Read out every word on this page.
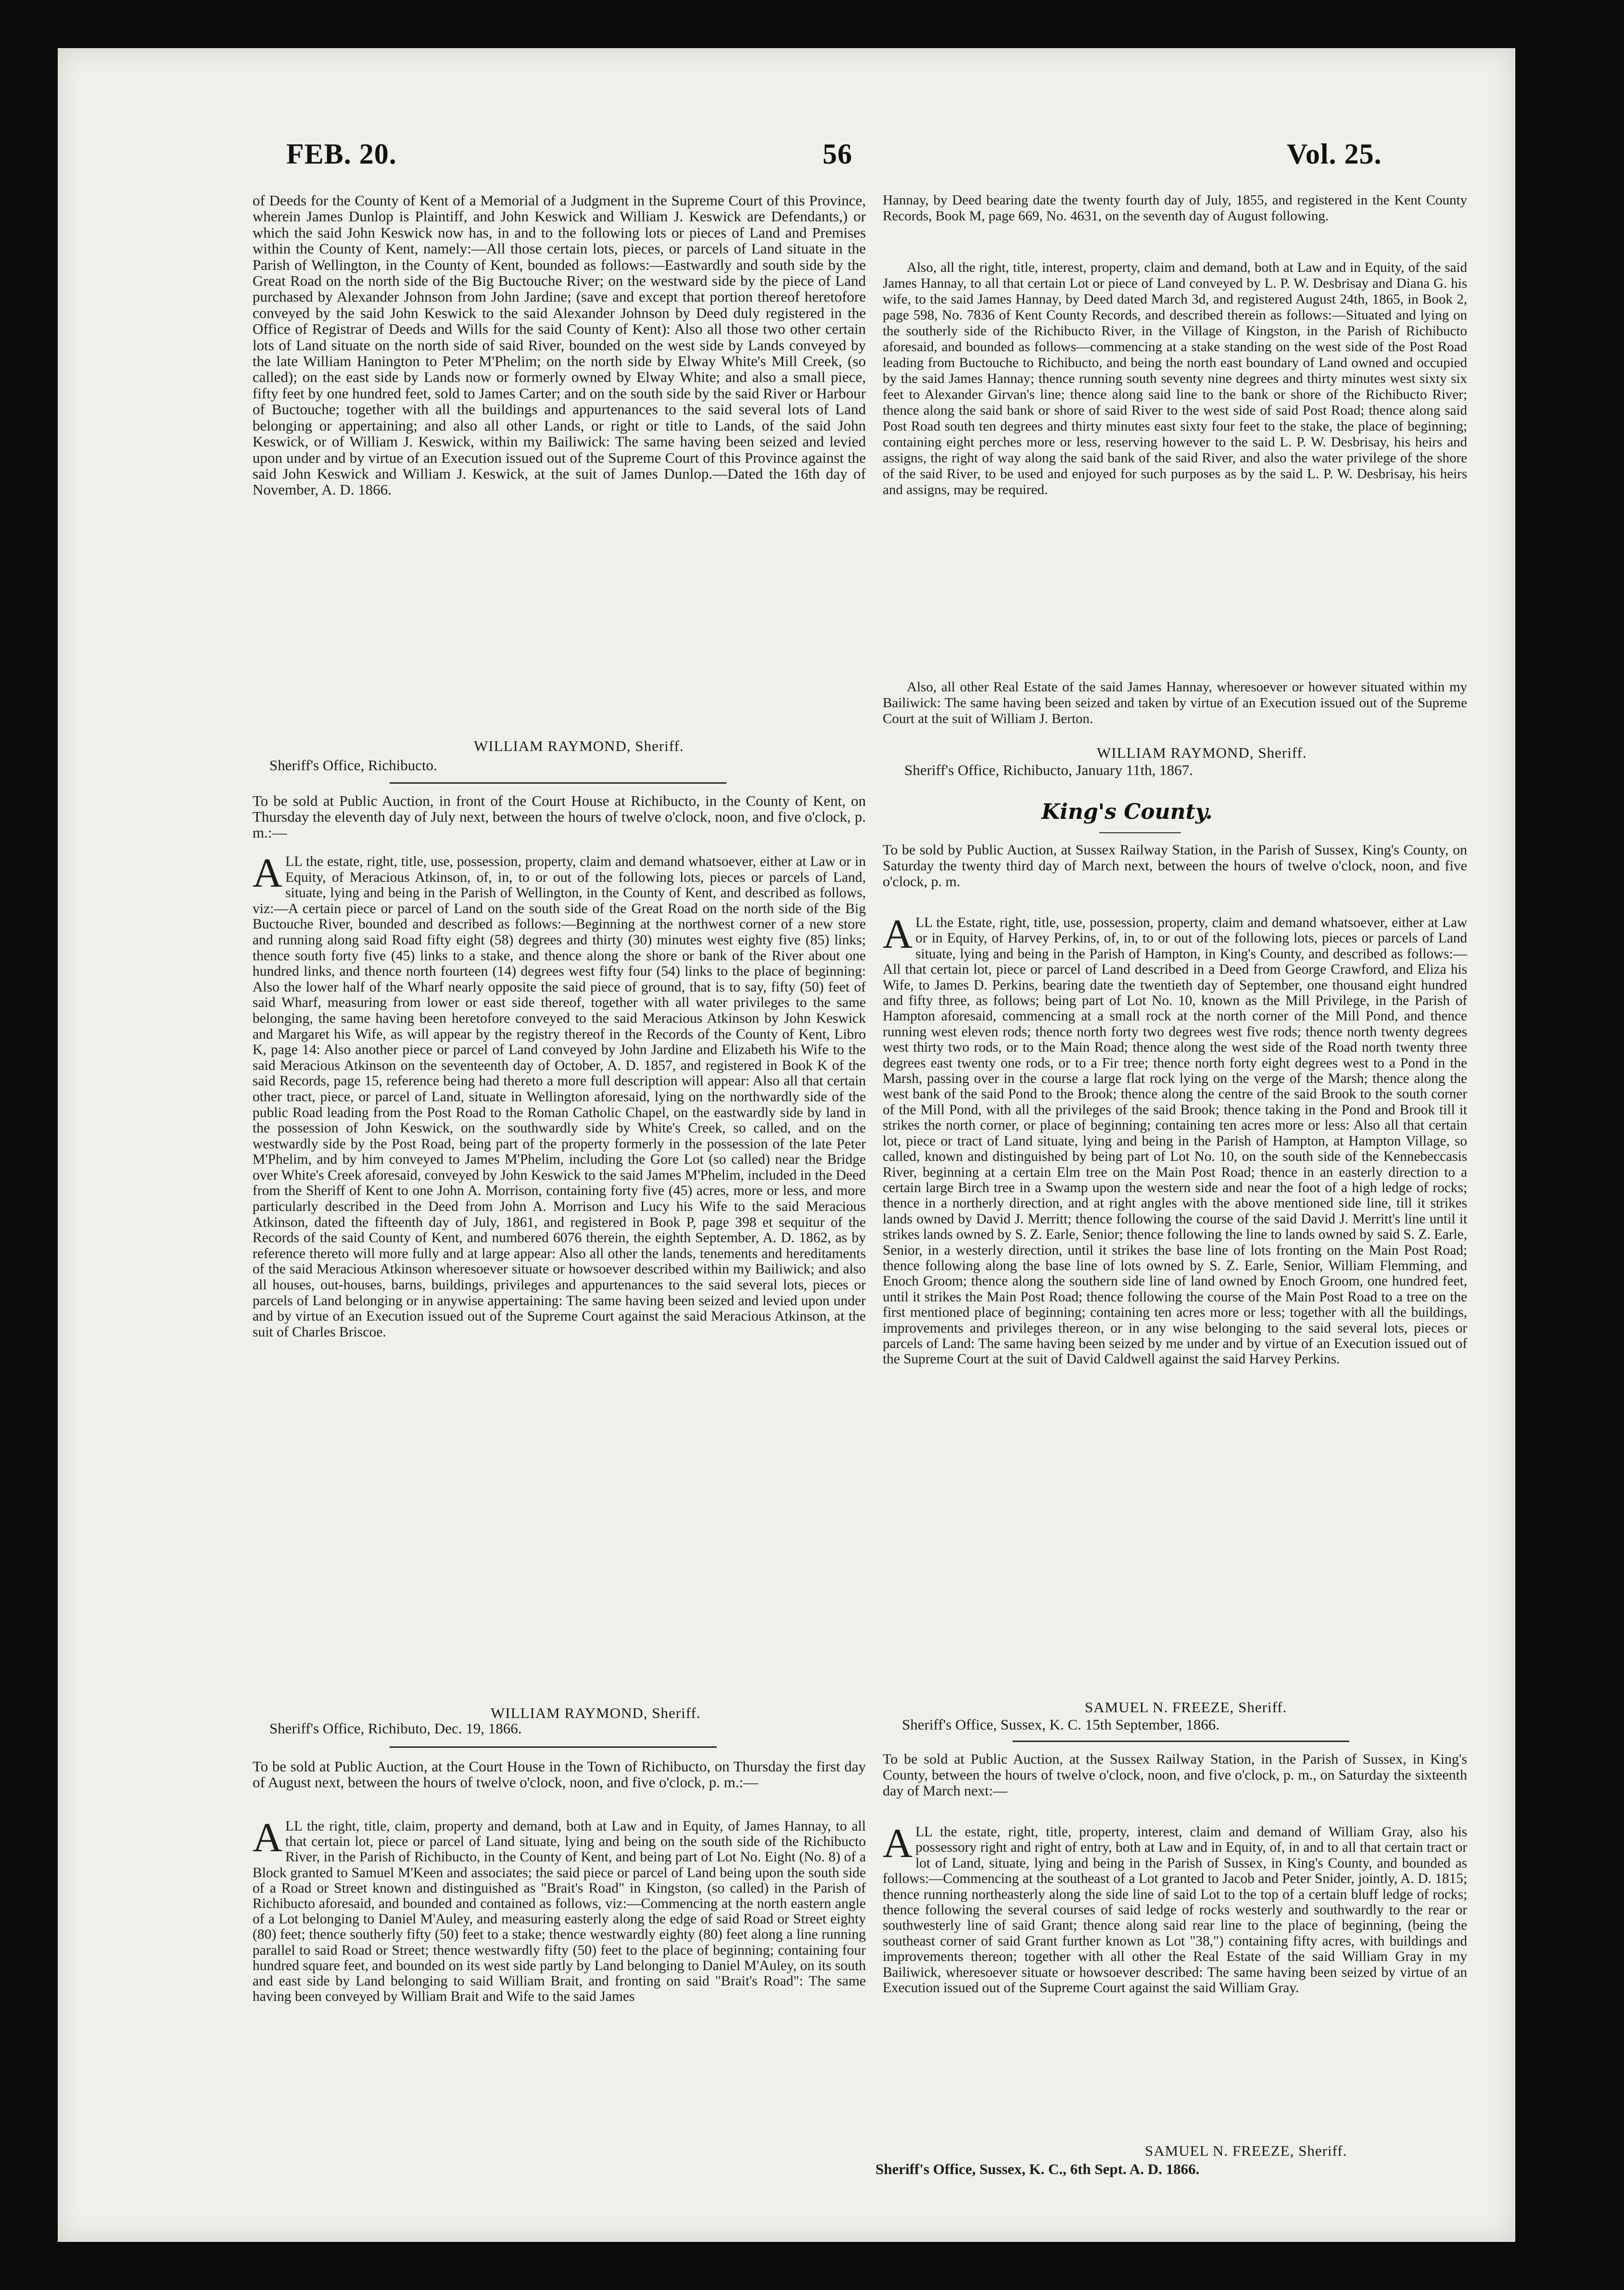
FEB. 20.	56	Vol. 25.

of Deeds for the County of Kent of a Memorial of a Judgment in the Supreme Court of this Province, wherein James Dunlop is Plaintiff, and John Keswick and William J. Keswick are Defendants,) or which the said John Keswick now has, in and to the following lots or pieces of Land and Premises within the County of Kent, namely:—All those certain lots, pieces, or parcels of Land situate in the Parish of Wellington, in the County of Kent, bounded as follows:—Eastwardly and south side by the Great Road on the north side of the Big Buctouche River; on the westward side by the piece of Land purchased by Alexander Johnson from John Jardine; (save and except that portion thereof heretofore conveyed by the said John Keswick to the said Alexander Johnson by Deed duly registered in the Office of Registrar of Deeds and Wills for the said County of Kent): Also all those two other certain lots of Land situate on the north side of said River, bounded on the west side by Lands conveyed by the late William Hanington to Peter M'Phelim; on the north side by Elway White's Mill Creek, (so called); on the east side by Lands now or formerly owned by Elway White; and also a small piece, fifty feet by one hundred feet, sold to James Carter; and on the south side by the said River or Harbour of Buctouche; together with all the buildings and appurtenances to the said several lots of Land belonging or appertaining; and also all other Lands, or right or title to Lands, of the said John Keswick, or of William J. Keswick, within my Bailiwick: The same having been seized and levied upon under and by virtue of an Execution issued out of the Supreme Court of this Province against the said John Keswick and William J. Keswick, at the suit of James Dunlop.—Dated the 16th day of November, A. D. 1866.

WILLIAM RAYMOND, Sheriff.

Sheriff's Office, Richibucto.

To be sold at Public Auction, in front of the Court House at Richibucto, in the County of Kent, on Thursday the eleventh day of July next, between the hours of twelve o'clock, noon, and five o'clock, p. m.:—

ALL the estate, right, title, use, possession, property, claim and demand whatsoever, either at Law or in Equity, of Meracious Atkinson, of, in, to or out of the following lots, pieces or parcels of Land, situate, lying and being in the Parish of Wellington, in the County of Kent, and described as follows, viz:—A certain piece or parcel of Land on the south side of the Great Road on the north side of the Big Buctouche River, bounded and described as follows:—Beginning at the northwest corner of a new store and running along said Road fifty eight (58) degrees and thirty (30) minutes west eighty five (85) links; thence south forty five (45) links to a stake, and thence along the shore or bank of the River about one hundred links, and thence north fourteen (14) degrees west fifty four (54) links to the place of beginning: Also the lower half of the Wharf nearly opposite the said piece of ground, that is to say, fifty (50) feet of said Wharf, measuring from lower or east side thereof, together with all water privileges to the same belonging, the same having been heretofore conveyed to the said Meracious Atkinson by John Keswick and Margaret his Wife, as will appear by the registry thereof in the Records of the County of Kent, Libro K, page 14: Also another piece or parcel of Land conveyed by John Jardine and Elizabeth his Wife to the said Meracious Atkinson on the seventeenth day of October, A. D. 1857, and registered in Book K of the said Records, page 15, reference being had thereto a more full description will appear: Also all that certain other tract, piece, or parcel of Land, situate in Wellington aforesaid, lying on the northwardly side of the public Road leading from the Post Road to the Roman Catholic Chapel, on the eastwardly side by land in the possession of John Keswick, on the southwardly side by White's Creek, so called, and on the westwardly side by the Post Road, being part of the property formerly in the possession of the late Peter M'Phelim, and by him conveyed to James M'Phelim, including the Gore Lot (so called) near the Bridge over White's Creek aforesaid, conveyed by John Keswick to the said James M'Phelim, included in the Deed from the Sheriff of Kent to one John A. Morrison, containing forty five (45) acres, more or less, and more particularly described in the Deed from John A. Morrison and Lucy his Wife to the said Meracious Atkinson, dated the fifteenth day of July, 1861, and registered in Book P, page 398 et sequitur of the Records of the said County of Kent, and numbered 6076 therein, the eighth September, A. D. 1862, as by reference thereto will more fully and at large appear: Also all other the lands, tenements and hereditaments of the said Meracious Atkinson wheresoever situate or howsoever described within my Bailiwick; and also all houses, out-houses, barns, buildings, privileges and appurtenances to the said several lots, pieces or parcels of Land belonging or in anywise appertaining: The same having been seized and levied upon under and by virtue of an Execution issued out of the Supreme Court against the said Meracious Atkinson, at the suit of Charles Briscoe.

WILLIAM RAYMOND, Sheriff.

Sheriff's Office, Richibuto, Dec. 19, 1866.

To be sold at Public Auction, at the Court House in the Town of Richibucto, on Thursday the first day of August next, between the hours of twelve o'clock, noon, and five o'clock, p. m.:—

ALL the right, title, claim, property and demand, both at Law and in Equity, of James Hannay, to all that certain lot, piece or parcel of Land situate, lying and being on the south side of the Richibucto River, in the Parish of Richibucto, in the County of Kent, and being part of Lot No. Eight (No. 8) of a Block granted to Samuel M'Keen and associates; the said piece or parcel of Land being upon the south side of a Road or Street known and distinguished as "Brait's Road" in Kingston, (so called) in the Parish of Richibucto aforesaid, and bounded and contained as follows, viz:—Commencing at the north eastern angle of a Lot belonging to Daniel M'Auley, and measuring easterly along the edge of said Road or Street eighty (80) feet; thence southerly fifty (50) feet to a stake; thence westwardly eighty (80) feet along a line running parallel to said Road or Street; thence westwardly fifty (50) feet to the place of beginning; containing four hundred square feet, and bounded on its west side partly by Land belonging to Daniel M'Auley, on its south and east side by Land belonging to said William Brait, and fronting on said "Brait's Road": The same having been conveyed by William Brait and Wife to the said James

Hannay, by Deed bearing date the twenty fourth day of July, 1855, and registered in the Kent County Records, Book M, page 669, No. 4631, on the seventh day of August following.

Also, all the right, title, interest, property, claim and demand, both at Law and in Equity, of the said James Hannay, to all that certain Lot or piece of Land conveyed by L. P. W. Desbrisay and Diana G. his wife, to the said James Hannay, by Deed dated March 3d, and registered August 24th, 1865, in Book 2, page 598, No. 7836 of Kent County Records, and described therein as follows:—Situated and lying on the southerly side of the Richibucto River, in the Village of Kingston, in the Parish of Richibucto aforesaid, and bounded as follows—commencing at a stake standing on the west side of the Post Road leading from Buctouche to Richibucto, and being the north east boundary of Land owned and occupied by the said James Hannay; thence running south seventy nine degrees and thirty minutes west sixty six feet to Alexander Girvan's line; thence along said line to the bank or shore of the Richibucto River; thence along the said bank or shore of said River to the west side of said Post Road; thence along said Post Road south ten degrees and thirty minutes east sixty four feet to the stake, the place of beginning; containing eight perches more or less, reserving however to the said L. P. W. Desbrisay, his heirs and assigns, the right of way along the said bank of the said River, and also the water privilege of the shore of the said River, to be used and enjoyed for such purposes as by the said L. P. W. Desbrisay, his heirs and assigns, may be required.

Also, all other Real Estate of the said James Hannay, wheresoever or however situated within my Bailiwick: The same having been seized and taken by virtue of an Execution issued out of the Supreme Court at the suit of William J. Berton.

WILLIAM RAYMOND, Sheriff.

Sheriff's Office, Richibucto, January 11th, 1867.

King's County.

To be sold by Public Auction, at Sussex Railway Station, in the Parish of Sussex, King's County, on Saturday the twenty third day of March next, between the hours of twelve o'clock, noon, and five o'clock, p. m.

ALL the Estate, right, title, use, possession, property, claim and demand whatsoever, either at Law or in Equity, of Harvey Perkins, of, in, to or out of the following lots, pieces or parcels of Land situate, lying and being in the Parish of Hampton, in King's County, and described as follows:—All that certain lot, piece or parcel of Land described in a Deed from George Crawford, and Eliza his Wife, to James D. Perkins, bearing date the twentieth day of September, one thousand eight hundred and fifty three, as follows; being part of Lot No. 10, known as the Mill Privilege, in the Parish of Hampton aforesaid, commencing at a small rock at the north corner of the Mill Pond, and thence running west eleven rods; thence north forty two degrees west five rods; thence north twenty degrees west thirty two rods, or to the Main Road; thence along the west side of the Road north twenty three degrees east twenty one rods, or to a Fir tree; thence north forty eight degrees west to a Pond in the Marsh, passing over in the course a large flat rock lying on the verge of the Marsh; thence along the west bank of the said Pond to the Brook; thence along the centre of the said Brook to the south corner of the Mill Pond, with all the privileges of the said Brook; thence taking in the Pond and Brook till it strikes the north corner, or place of beginning; containing ten acres more or less: Also all that certain lot, piece or tract of Land situate, lying and being in the Parish of Hampton, at Hampton Village, so called, known and distinguished by being part of Lot No. 10, on the south side of the Kennebeccasis River, beginning at a certain Elm tree on the Main Post Road; thence in an easterly direction to a certain large Birch tree in a Swamp upon the western side and near the foot of a high ledge of rocks; thence in a northerly direction, and at right angles with the above mentioned side line, till it strikes lands owned by David J. Merritt; thence following the course of the said David J. Merritt's line until it strikes lands owned by S. Z. Earle, Senior; thence following the line to lands owned by said S. Z. Earle, Senior, in a westerly direction, until it strikes the base line of lots fronting on the Main Post Road; thence following along the base line of lots owned by S. Z. Earle, Senior, William Flemming, and Enoch Groom; thence along the southern side line of land owned by Enoch Groom, one hundred feet, until it strikes the Main Post Road; thence following the course of the Main Post Road to a tree on the first mentioned place of beginning; containing ten acres more or less; together with all the buildings, improvements and privileges thereon, or in any wise belonging to the said several lots, pieces or parcels of Land: The same having been seized by me under and by virtue of an Execution issued out of the Supreme Court at the suit of David Caldwell against the said Harvey Perkins.

SAMUEL N. FREEZE, Sheriff.

Sheriff's Office, Sussex, K. C. 15th September, 1866.

To be sold at Public Auction, at the Sussex Railway Station, in the Parish of Sussex, in King's County, between the hours of twelve o'clock, noon, and five o'clock, p. m., on Saturday the sixteenth day of March next:—

ALL the estate, right, title, property, interest, claim and demand of William Gray, also his possessory right and right of entry, both at Law and in Equity, of, in and to all that certain tract or lot of Land, situate, lying and being in the Parish of Sussex, in King's County, and bounded as follows:—Commencing at the southeast of a Lot granted to Jacob and Peter Snider, jointly, A. D. 1815; thence running northeasterly along the side line of said Lot to the top of a certain bluff ledge of rocks; thence following the several courses of said ledge of rocks westerly and southwardly to the rear or southwesterly line of said Grant; thence along said rear line to the place of beginning, (being the southeast corner of said Grant further known as Lot "38,") containing fifty acres, with buildings and improvements thereon; together with all other the Real Estate of the said William Gray in my Bailiwick, wheresoever situate or howsoever described: The same having been seized by virtue of an Execution issued out of the Supreme Court against the said William Gray.

SAMUEL N. FREEZE, Sheriff.

Sheriff's Office, Sussex, K. C., 6th Sept. A. D. 1866.
